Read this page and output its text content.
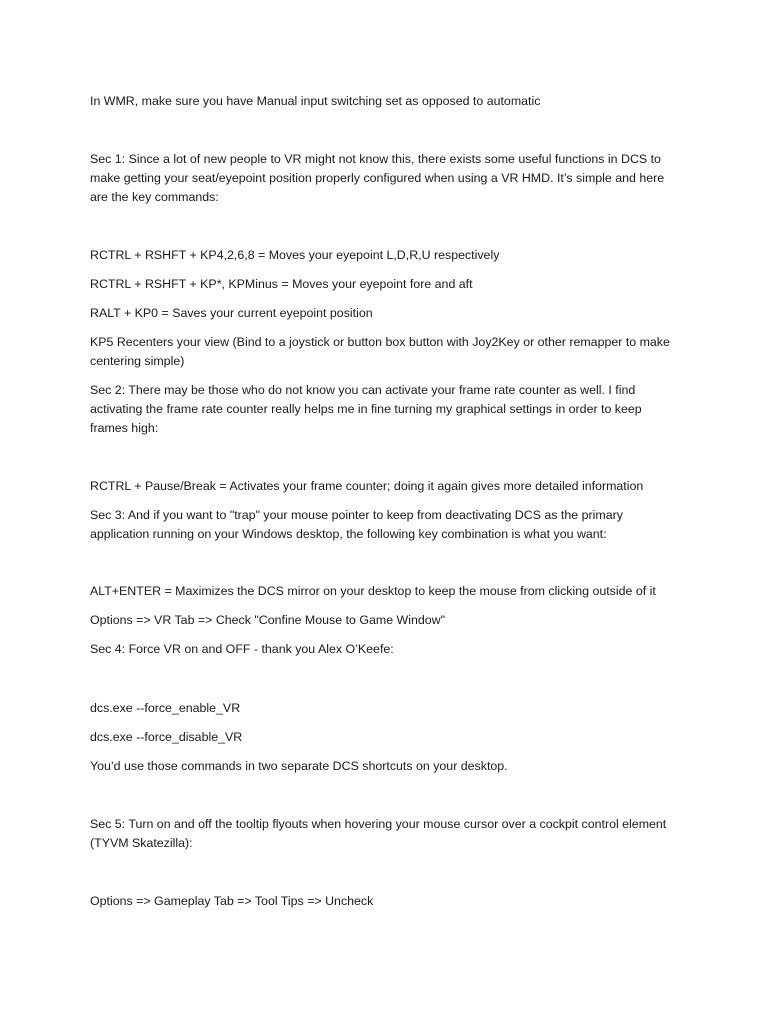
In WMR, make sure you have Manual input switching set as opposed to automatic

Sec 1: Since a lot of new people to VR might not know this, there exists some useful functions in DCS to make getting your seat/eyepoint position properly configured when using a VR HMD. It’s simple and here are the key commands:

RCTRL + RSHFT + KP4,2,6,8 = Moves your eyepoint L,D,R,U respectively

RCTRL + RSHFT + KP*, KPMinus = Moves your eyepoint fore and aft

RALT + KP0 = Saves your current eyepoint position

KP5 Recenters your view (Bind to a joystick or button box button with Joy2Key or other remapper to make centering simple)

Sec 2: There may be those who do not know you can activate your frame rate counter as well. I find activating the frame rate counter really helps me in fine turning my graphical settings in order to keep frames high:

RCTRL + Pause/Break = Activates your frame counter; doing it again gives more detailed information

Sec 3: And if you want to "trap" your mouse pointer to keep from deactivating DCS as the primary application running on your Windows desktop, the following key combination is what you want:

ALT+ENTER = Maximizes the DCS mirror on your desktop to keep the mouse from clicking outside of it

Options => VR Tab => Check "Confine Mouse to Game Window"

Sec 4: Force VR on and OFF - thank you Alex O’Keefe:

dcs.exe --force_enable_VR

dcs.exe --force_disable_VR

You’d use those commands in two separate DCS shortcuts on your desktop.

Sec 5: Turn on and off the tooltip flyouts when hovering your mouse cursor over a cockpit control element (TYVM Skatezilla):

Options => Gameplay Tab => Tool Tips => Uncheck
